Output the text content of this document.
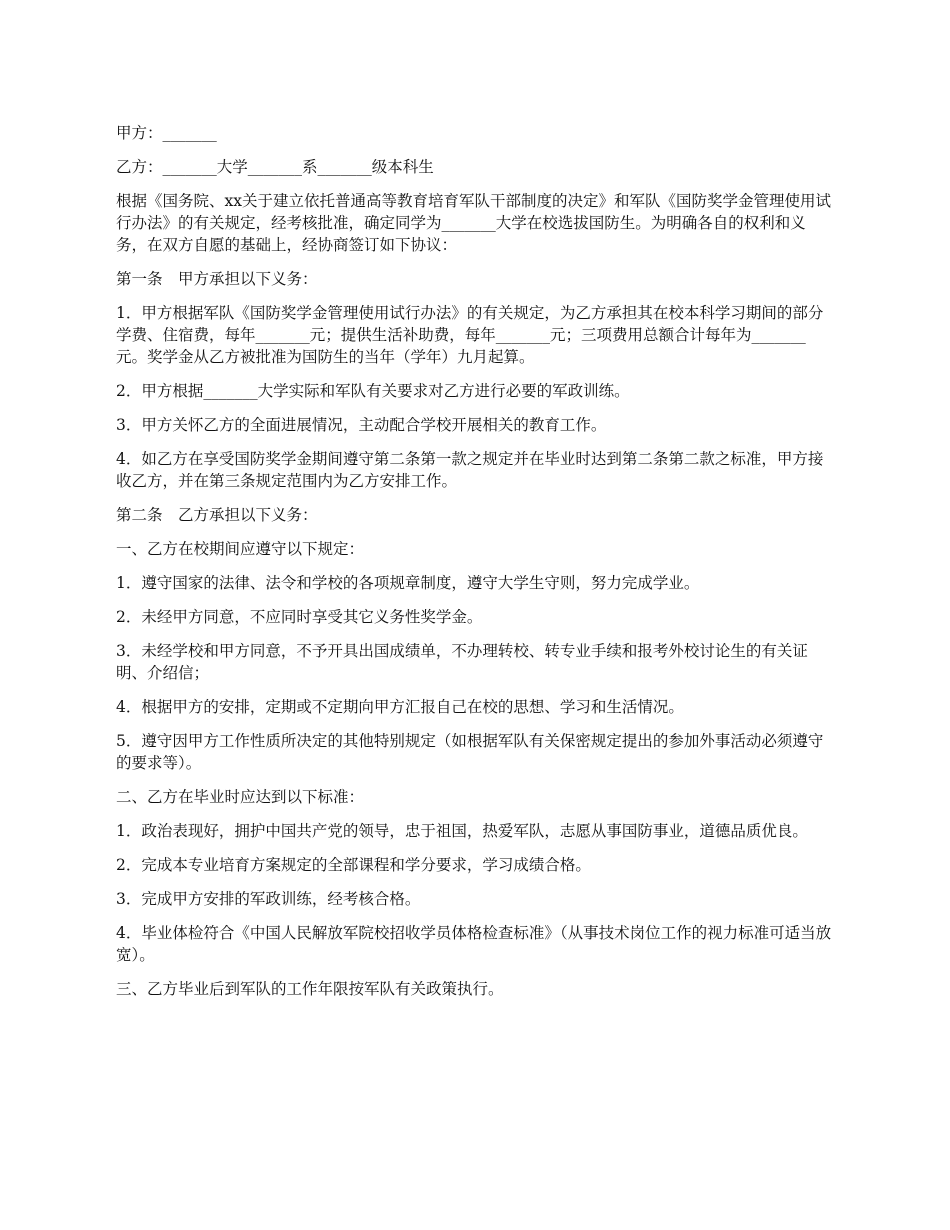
甲方：_______

乙方：_______大学_______系_______级本科生

根据《国务院、xx关于建立依托普通高等教育培育军队干部制度的决定》和军队《国防奖学金管理使用试行办法》的有关规定，经考核批准，确定同学为_______大学在校选拔国防生。为明确各自的权利和义务，在双方自愿的基础上，经协商签订如下协议：

第一条　甲方承担以下义务：

1．甲方根据军队《国防奖学金管理使用试行办法》的有关规定，为乙方承担其在校本科学习期间的部分学费、住宿费，每年_______元；提供生活补助费，每年_______元；三项费用总额合计每年为_______元。奖学金从乙方被批准为国防生的当年（学年）九月起算。

2．甲方根据_______大学实际和军队有关要求对乙方进行必要的军政训练。

3．甲方关怀乙方的全面进展情况，主动配合学校开展相关的教育工作。

4．如乙方在享受国防奖学金期间遵守第二条第一款之规定并在毕业时达到第二条第二款之标准，甲方接收乙方，并在第三条规定范围内为乙方安排工作。

第二条　乙方承担以下义务：

一、乙方在校期间应遵守以下规定：

1．遵守国家的法律、法令和学校的各项规章制度，遵守大学生守则，努力完成学业。

2．未经甲方同意，不应同时享受其它义务性奖学金。

3．未经学校和甲方同意，不予开具出国成绩单，不办理转校、转专业手续和报考外校讨论生的有关证明、介绍信；

4．根据甲方的安排，定期或不定期向甲方汇报自己在校的思想、学习和生活情况。

5．遵守因甲方工作性质所决定的其他特别规定（如根据军队有关保密规定提出的参加外事活动必须遵守的要求等）。

二、乙方在毕业时应达到以下标准：

1．政治表现好，拥护中国共产党的领导，忠于祖国，热爱军队，志愿从事国防事业，道德品质优良。

2．完成本专业培育方案规定的全部课程和学分要求，学习成绩合格。

3．完成甲方安排的军政训练，经考核合格。

4．毕业体检符合《中国人民解放军院校招收学员体格检查标准》（从事技术岗位工作的视力标准可适当放宽）。

三、乙方毕业后到军队的工作年限按军队有关政策执行。
